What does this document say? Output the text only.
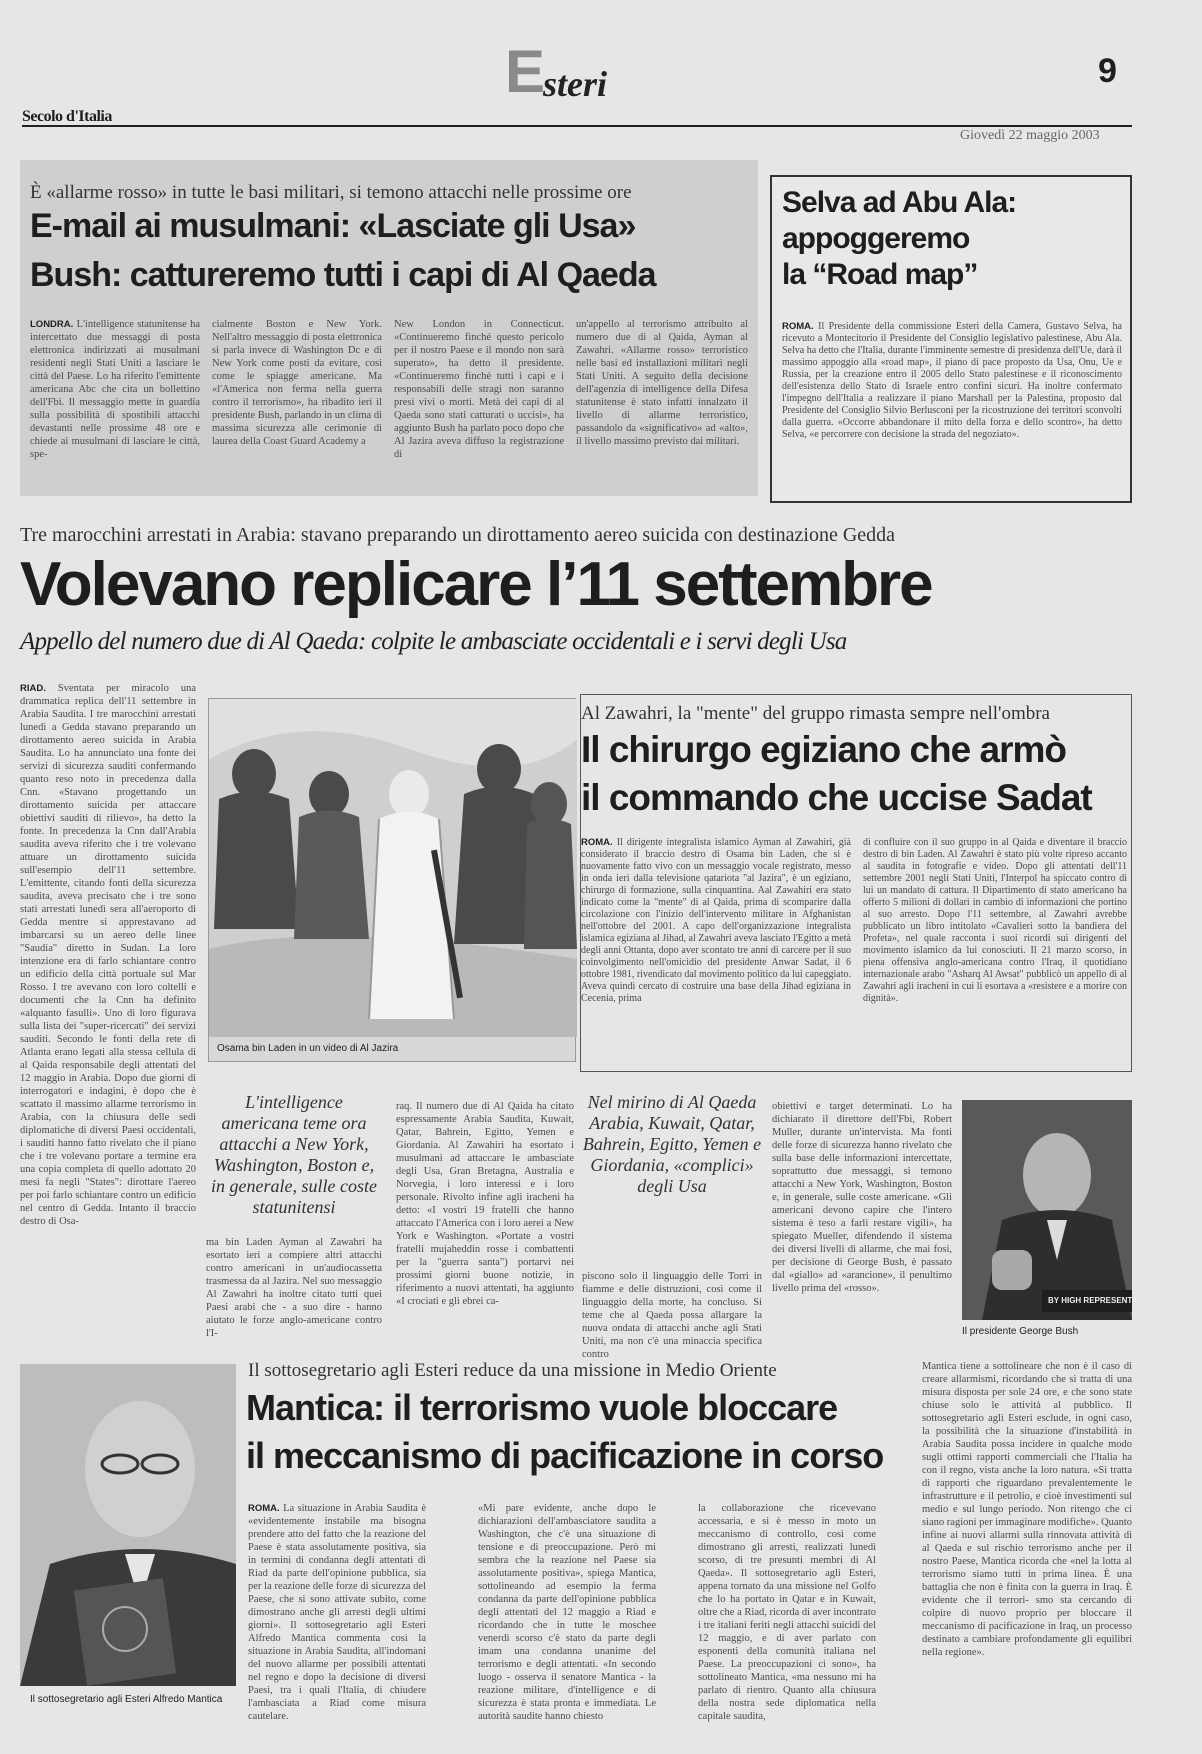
Esteri	9
Secolo d'Italia
Giovedì 22 maggio 2003
È «allarme rosso» in tutte le basi militari, si temono attacchi nelle prossime ore
E-mail ai musulmani: «Lasciate gli Usa»
Bush: cattureremo tutti i capi di Al Qaeda
LONDRA. L'intelligence statunitense ha intercettato due messaggi di posta elettronica indirizzati ai musulmani residenti negli Stati Uniti a lasciare le città del Paese. Lo ha riferito l'emittente americana Abc che cita un bollettino dell'Fbi. Il messaggio mette in guardia sulla possibilità di spostibili attacchi devastanti nelle prossime 48 ore e chiede ai musulmani di lasciare le città, spe-
cialmente Boston e New York. Nell'altro messaggio di posta elettronica si parla invece di Washington Dc e di New York come posti da evitare, così come le spiagge americane. Ma «l'America non ferma nella guerra contro il terrorismo», ha ribadito ieri il presidente Bush, parlando in un clima di massima sicurezza alle cerimonie di laurea della Coast Guard Academy a
New London in Connecticut. «Continueremo finché questo pericolo per il nostro Paese e il mondo non sarà superato», ha detto il presidente. «Continueremo finché tutti i capi e i responsabili delle stragi non saranno presi vivi o morti. Metà dei capi di al Qaeda sono stati catturati o uccisi», ha aggiunto Bush ha parlato poco dopo che Al Jazira aveva diffuso la registrazione di
un'appello al terrorismo attribuito al numero due di al Qaida, Ayman al Zawahri. «Allarme rosso» terroristico nelle basi ed installazioni militari negli Stati Uniti. A seguito della decisione dell'agenzia di intelligence della Difesa statunitense è stato infatti innalzato il livello di allarme terroristico, passandolo da «significativo» ad «alto», il livello massimo previsto dai militari.
Selva ad Abu Ala:
appoggeremo
la “Road map”
ROMA. Il Presidente della commissione Esteri della Camera, Gustavo Selva, ha ricevuto a Montecitorio il Presidente del Consiglio legislativo palestinese, Abu Ala. Selva ha detto che l'Italia, durante l'imminente semestre di presidenza dell'Ue, darà il massimo appoggio alla «road map», il piano di pace proposto da Usa, Onu, Ue e Russia, per la creazione entro il 2005 dello Stato palestinese e il riconoscimento dell'esistenza dello Stato di Israele entro confini sicuri. Ha inoltre confermato l'impegno dell'Italia a realizzare il piano Marshall per la Palestina, proposto dal Presidente del Consiglio Silvio Berlusconi per la ricostruzione dei territori sconvolti dalla guerra. «Occorre abbandonare il mito della forza e dello scontro», ha detto Selva, «e percorrere con decisione la strada del negoziato».
Tre marocchini arrestati in Arabia: stavano preparando un dirottamento aereo suicida con destinazione Gedda
Volevano replicare l’11 settembre
Appello del numero due di Al Qaeda: colpite le ambasciate occidentali e i servi degli Usa
RIAD. Sventata per miracolo una drammatica replica dell'11 settembre in Arabia Saudita. I tre marocchini arrestati lunedì a Gedda stavano preparando un dirottamento aereo suicida in Arabia Saudita. Lo ha annunciato una fonte dei servizi di sicurezza sauditi confermando quanto reso noto in precedenza dalla Cnn. «Stavano progettando un dirottamento suicida per attaccare obiettivi sauditi di rilievo», ha detto la fonte. In precedenza la Cnn dall'Arabia saudita aveva riferito che i tre volevano attuare un dirottamento suicida sull'esempio dell'11 settembre. L'emittente, citando fonti della sicurezza saudita, aveva precisato che i tre sono stati arrestati lunedì sera all'aeroporto di Gedda mentre si apprestavano ad imbarcarsi su un aereo delle linee "Saudia" diretto in Sudan. La loro intenzione era di farlo schiantare contro un edificio della città portuale sul Mar Rosso. I tre avevano con loro coltelli e documenti che la Cnn ha definito «alquanto fasulli». Uno di loro figurava sulla lista dei "super-ricercati" dei servizi sauditi. Secondo le fonti della rete di Atlanta erano legati alla stessa cellula di al Qaida responsabile degli attentati del 12 maggio in Arabia. Dopo due giorni di interrogatori e indagini, è dopo che è scattato il massimo allarme terrorismo in Arabia, con la chiusura delle sedi diplomatiche di diversi Paesi occidentali, i sauditi hanno fatto rivelato che il piano che i tre volevano portare a termine era una copia completa di quello adottato 20 mesi fa negli "States": dirottare l'aereo per poi farlo schiantare contro un edificio nel centro di Gedda. Intanto il braccio destro di Osa-
Osama bin Laden in un video di Al Jazira
Al Zawahri, la "mente" del gruppo rimasta sempre nell'ombra
Il chirurgo egiziano che armò
il commando che uccise Sadat
ROMA. Il dirigente integralista islamico Ayman al Zawahiri, già considerato il braccio destro di Osama bin Laden, che si è nuovamente fatto vivo con un messaggio vocale registrato, messo in onda ieri dalla televisione qatariota "al Jazira", è un egiziano, chirurgo di formazione, sulla cinquantina. Aal Zawahiri era stato indicato come la "mente" di al Qaida, prima di scomparire dalla circolazione con l'inizio dell'intervento militare in Afghanistan nell'ottobre del 2001. A capo dell'organizzazione integralista islamica egiziana al Jihad, al Zawahri aveva lasciato l'Egitto a metà degli anni Ottanta, dopo aver scontato tre anni di carcere per il suo coinvolgimento nell'omicidio del presidente Anwar Sadat, il 6 ottobre 1981, rivendicato dal movimento politico da lui capeggiato. Aveva quindi cercato di costruire una base della Jihad egiziana in Cecenia, prima
di confluire con il suo gruppo in al Qaida e diventare il braccio destro di bin Laden. Al Zawahri è stato più volte ripreso accanto al saudita in fotografie e video. Dopo gli attentati dell'11 settembre 2001 negli Stati Uniti, l'Interpol ha spiccato contro di lui un mandato di cattura. Il Dipartimento di stato americano ha offerto 5 milioni di dollari in cambio di informazioni che portino al suo arresto. Dopo l'11 settembre, al Zawahri avrebbe pubblicato un libro intitolato «Cavalieri sotto la bandiera del Profeta», nel quale racconta i suoi ricordi sui dirigenti del movimento islamico da lui conosciuti. Il 21 marzo scorso, in piena offensiva anglo-americana contro l'Iraq, il quotidiano internazionale arabo "Asharq Al Awsat" pubblicò un appello di al Zawahri agli iracheni in cui li esortava a «resistere e a morire con dignità».
L'intelligence americana teme ora attacchi a New York, Washington, Boston e, in generale, sulle coste statunitensi
ma bin Laden Ayman al Zawahri ha esortato ieri a compiere altri attacchi contro americani in un'audiocassetta trasmessa da al Jazira. Nel suo messaggio Al Zawahri ha inoltre citato tutti quei Paesi arabi che - a suo dire - hanno aiutato le forze anglo-americane contro l'I-
raq. Il numero due di Al Qaida ha citato espressamente Arabia Saudita, Kuwait, Qatar, Bahrein, Egitto, Yemen e Giordania. Al Zawahiri ha esortato i musulmani ad attaccare le ambasciate degli Usa, Gran Bretagna, Australia e Norvegia, i loro interessi e i loro personale. Rivolto infine agli iracheni ha detto: «I vostri 19 fratelli che hanno attaccato l'America con i loro aerei a New York e Washington. «Portate a vostri fratelli mujaheddin rosse i combattenti per la "guerra santa") portarvi nei prossimi giorni buone notizie, in riferimento a nuovi attentati, ha aggiunto «I crociati e gli ebrei ca-
Nel mirino di Al Qaeda Arabia, Kuwait, Qatar, Bahrein, Egitto, Yemen e Giordania, «complici» degli Usa
piscono solo il linguaggio delle Torri in fiamme e delle distruzioni, così come il linguaggio della morte, ha concluso. Si teme che al Qaeda possa allargare la nuova ondata di attacchi anche agli Stati Uniti, ma non c'è una minaccia specifica contro
obiettivi e target determinati. Lo ha dichiarato il direttore dell'Fbi, Robert Muller, durante un'intervista. Ma fonti delle forze di sicurezza hanno rivelato che sulla base delle informazioni intercettate, soprattutto due messaggi, si temono attacchi a New York, Washington, Boston e, in generale, sulle coste americane. «Gli americani devono capire che l'intero sistema è teso a farli restare vigili», ha spiegato Mueller, difendendo il sistema dei diversi livelli di allarme, che mai fosi, per decisione di George Bush, è passato dal «giallo» ad «arancione», il penultimo livello prima del «rosso».
BY HIGH REPRESENTA
Il presidente George Bush
Il sottosegretario agli Esteri Alfredo Mantica
Il sottosegretario agli Esteri reduce da una missione in Medio Oriente
Mantica: il terrorismo vuole bloccare
il meccanismo di pacificazione in corso
ROMA. La situazione in Arabia Saudita è «evidentemente instabile ma bisogna prendere atto del fatto che la reazione del Paese è stata assolutamente positiva, sia in termini di condanna degli attentati di Riad da parte dell'opinione pubblica, sia per la reazione delle forze di sicurezza del Paese, che si sono attivate subito, come dimostrano anche gli arresti degli ultimi giorni». Il sottosegretario agli Esteri Alfredo Mantica commenta così la situazione in Arabia Saudita, all'indomani del nuovo allarme per possibili attentati nel regno e dopo la decisione di diversi Paesi, tra i quali l'Italia, di chiudere l'ambasciata a Riad come misura cautelare.
«Mi pare evidente, anche dopo le dichiarazioni dell'ambasciatore saudita a Washington, che c'è una situazione di tensione e di preoccupazione. Però mi sembra che la reazione nel Paese sia assolutamente positiva», spiega Mantica, sottolineando ad esempio la ferma condanna da parte dell'opinione pubblica degli attentati del 12 maggio a Riad e ricordando che in tutte le moschee venerdì scorso c'è stato da parte degli imam una condanna unanime del terrorismo e degli attentati. «In secondo luogo - osserva il senatore Mantica - la reazione militare, d'intelligence e di sicurezza è stata pronta e immediata. Le autorità saudite hanno chiesto
la collaborazione che ricevevano accessaria, e si è messo in moto un meccanismo di controllo, così come dimostrano gli arresti, realizzati lunedì scorso, di tre presunti membri di Al Qaeda». Il sottosegretario agli Esteri, appena tornato da una missione nel Golfo che lo ha portato in Qatar e in Kuwait, oltre che a Riad, ricorda di aver incontrato i tre italiani feriti negli attacchi suicidi del 12 maggio, e di aver parlato con esponenti della comunità italiana nel Paese. La preoccupazioni ci sono», ha sottolineato Mantica, «ma nessuno mi ha parlato di rientro. Quanto alla chiusura della nostra sede diplomatica nella capitale saudita,
Mantica tiene a sottolineare che non è il caso di creare allarmismi, ricordando che si tratta di una misura disposta per sole 24 ore, e che sono state chiuse solo le attività al pubblico. Il sottosegretario agli Esteri esclude, in ogni caso, la possibilità che la situazione d'instabilità in Arabia Saudita possa incidere in qualche modo sugli ottimi rapporti commerciali che l'Italia ha con il regno, vista anche la loro natura. «Si tratta di rapporti che riguardano prevalentemente le infrastrutture e il petrolio, e cioè investimenti sul medio e sul lungo periodo. Non ritengo che ci siano ragioni per immaginare modifiche». Quanto infine ai nuovi allarmi sulla rinnovata attività di al Qaeda e sul rischio terrorismo anche per il nostro Paese, Mantica ricorda che «nel la lotta al terrorismo siamo tutti in prima linea. È una battaglia che non è finita con la guerra in Iraq. È evidente che il terrori- smo sta cercando di colpire di nuovo proprio per bloccare il meccanismo di pacificazione in Iraq, un processo destinato a cambiare profondamente gli equilibri nella regione».
